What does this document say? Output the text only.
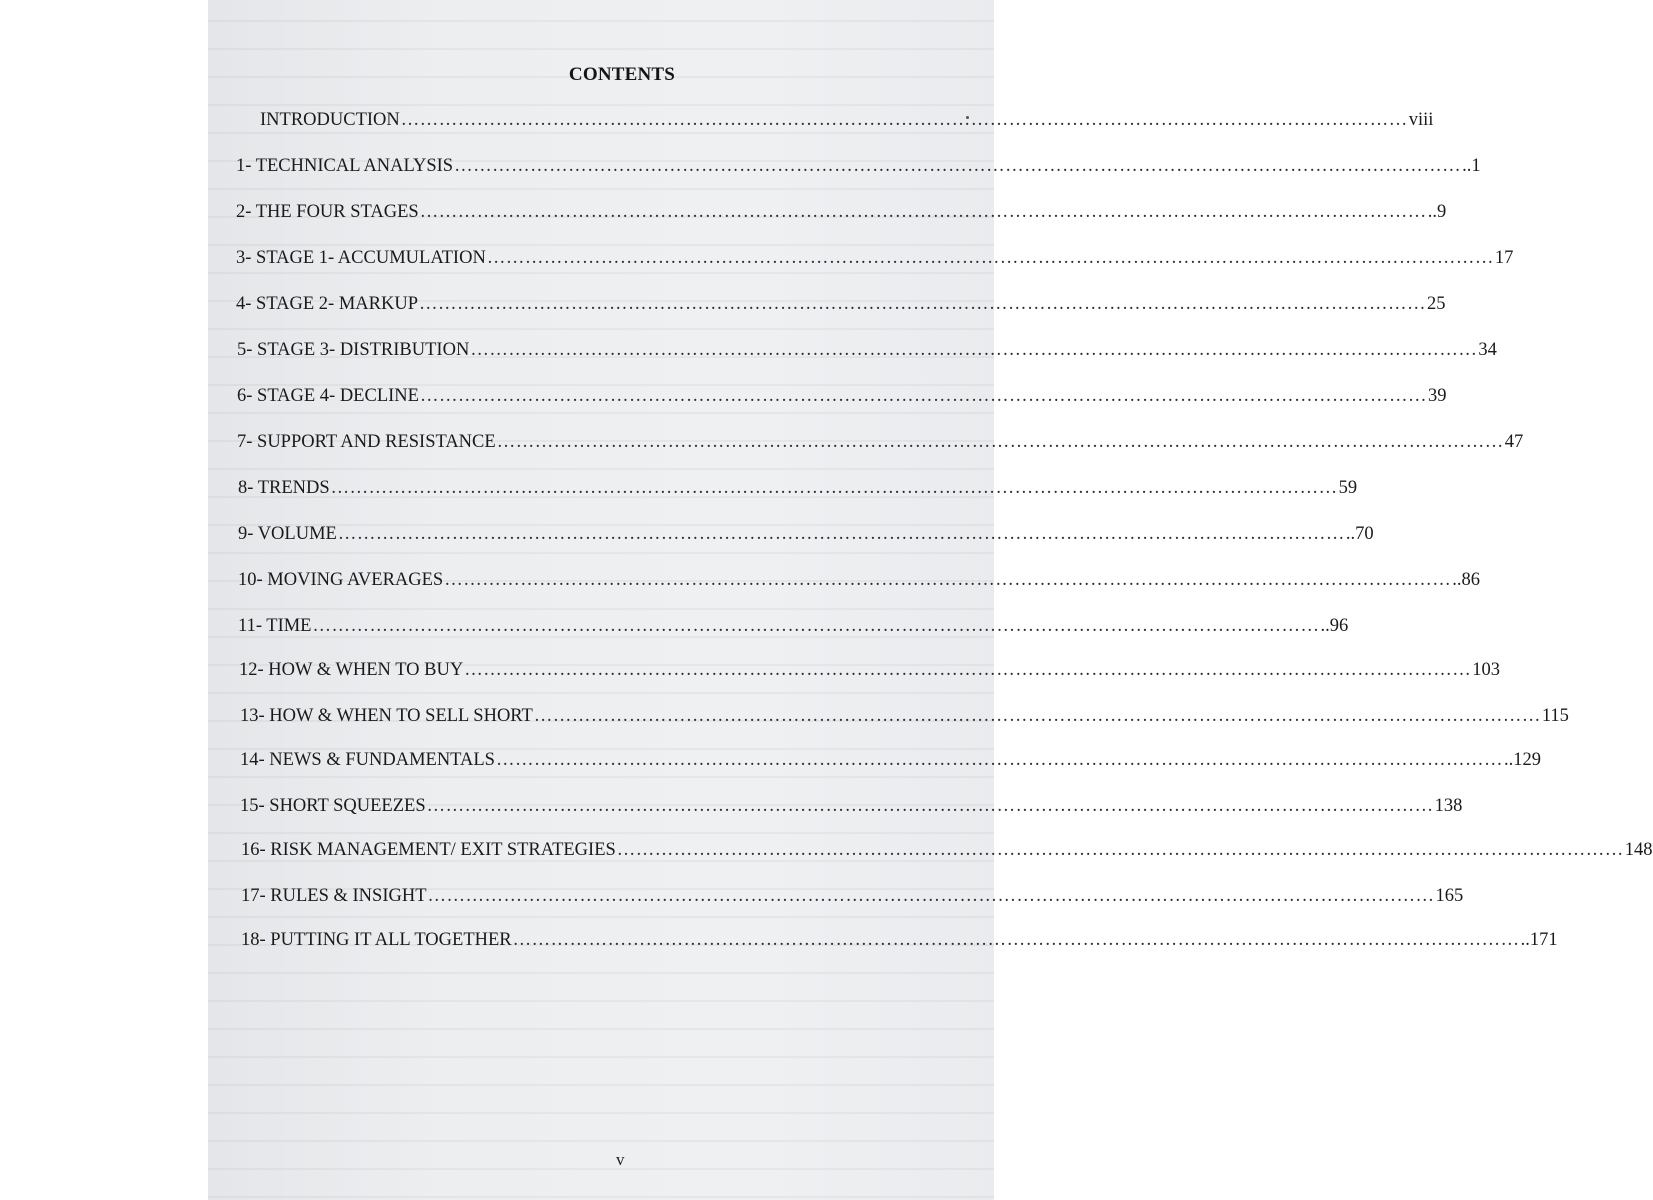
CONTENTS
INTRODUCTION …………………………………………………………………………………………………………………………………………… viii
1- TECHNICAL ANALYSIS …………………………………………………………………………………………………………………………………………… ..1
2- THE FOUR STAGES …………………………………………………………………………………………………………………………………………… ..9
3- STAGE 1- ACCUMULATION …………………………………………………………………………………………………………………………………………… 17
4- STAGE 2- MARKUP …………………………………………………………………………………………………………………………………………… 25
5- STAGE 3- DISTRIBUTION …………………………………………………………………………………………………………………………………………… 34
6- STAGE 4- DECLINE …………………………………………………………………………………………………………………………………………… 39
7- SUPPORT AND RESISTANCE …………………………………………………………………………………………………………………………………………… 47
8- TRENDS …………………………………………………………………………………………………………………………………………… 59
9- VOLUME …………………………………………………………………………………………………………………………………………… ..70
10- MOVING AVERAGES …………………………………………………………………………………………………………………………………………… ..86
11- TIME …………………………………………………………………………………………………………………………………………… ..96
12- HOW & WHEN TO BUY …………………………………………………………………………………………………………………………………………… 103
13- HOW & WHEN TO SELL SHORT …………………………………………………………………………………………………………………………………………… 115
14- NEWS & FUNDAMENTALS …………………………………………………………………………………………………………………………………………… ..129
15- SHORT SQUEEZES …………………………………………………………………………………………………………………………………………… 138
16- RISK MANAGEMENT/ EXIT STRATEGIES …………………………………………………………………………………………………………………………………………… 148
17- RULES & INSIGHT …………………………………………………………………………………………………………………………………………… 165
18- PUTTING IT ALL TOGETHER …………………………………………………………………………………………………………………………………………… ..171
v
